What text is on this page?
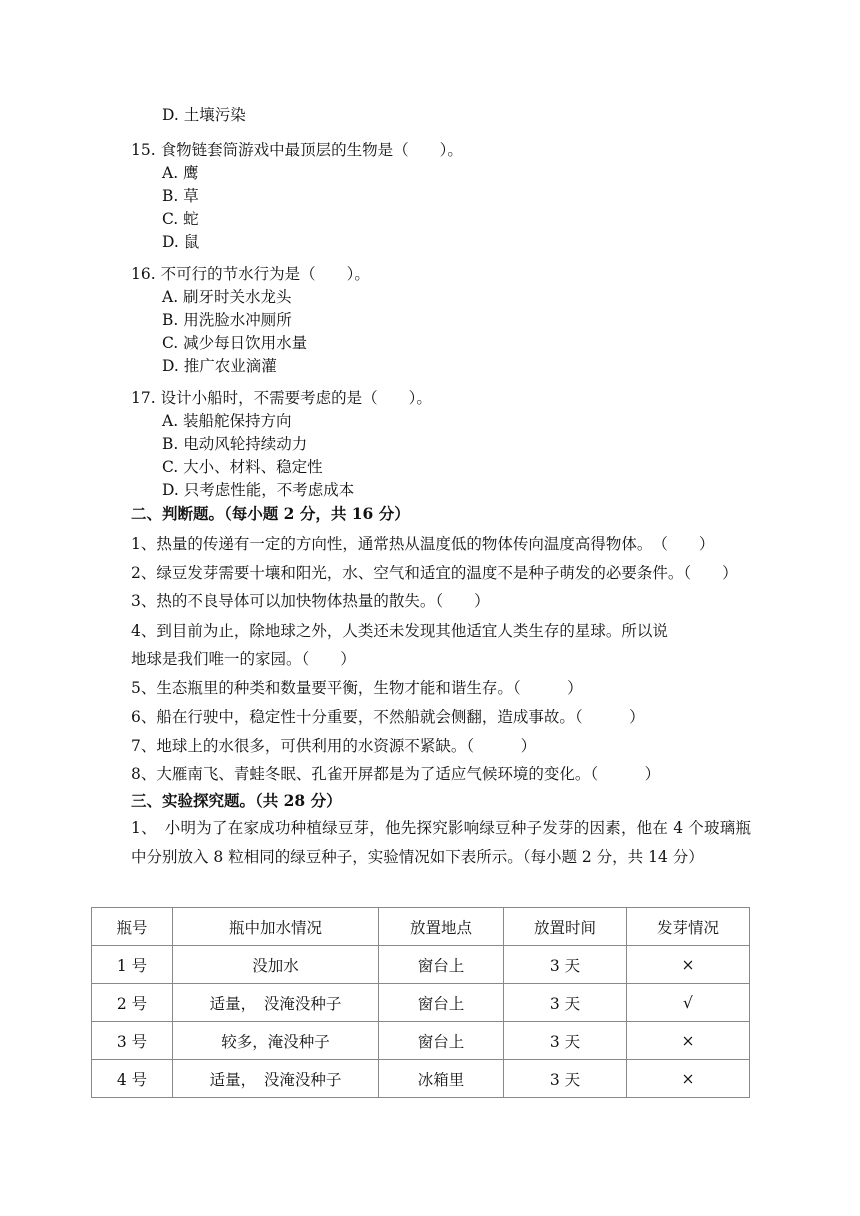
D. 土壤污染
15. 食物链套筒游戏中最顶层的生物是（　　）。
A. 鹰
B. 草
C. 蛇
D. 鼠
16. 不可行的节水行为是（　　）。
A. 刷牙时关水龙头
B. 用洗脸水冲厕所
C. 减少每日饮用水量
D. 推广农业滴灌
17. 设计小船时，不需要考虑的是（　　）。
A. 装船舵保持方向
B. 电动风轮持续动力
C. 大小、材料、稳定性
D. 只考虑性能，不考虑成本
二、判断题。（每小题 2 分，共 16 分）
1、热量的传递有一定的方向性，通常热从温度低的物体传向温度高得物体。　（　　）
2、绿豆发芽需要十壤和阳光，水、空气和适宜的温度不是种子萌发的必要条件。（　　）
3、热的不良导体可以加快物体热量的散失。（　　）
4、到目前为止，除地球之外，人类还未发现其他适宜人类生存的星球。所以说
地球是我们唯一的家园。（　　）
5、生态瓶里的种类和数量要平衡，生物才能和谐生存。（　　　）
6、船在行驶中，稳定性十分重要，不然船就会侧翻，造成事故。（　　　）
7、地球上的水很多，可供利用的水资源不紧缺。（　　　）
8、大雁南飞、青蛙冬眠、孔雀开屏都是为了适应气候环境的变化。（　　　）
三、实验探究题。（共 28 分）
1、　小明为了在家成功种植绿豆芽，他先探究影响绿豆种子发芽的因素，他在 4 个玻璃瓶中分别放入 8 粒相同的绿豆种子，实验情况如下表所示。（每小题 2 分，共 14 分）
瓶号	瓶中加水情况	放置地点	放置时间	发芽情况
1 号	没加水	窗台上	3 天	×
2 号	适量，　没淹没种子	窗台上	3 天	√
3 号	较多，淹没种子	窗台上	3 天	×
4 号	适量，　没淹没种子	冰箱里	3 天	×
